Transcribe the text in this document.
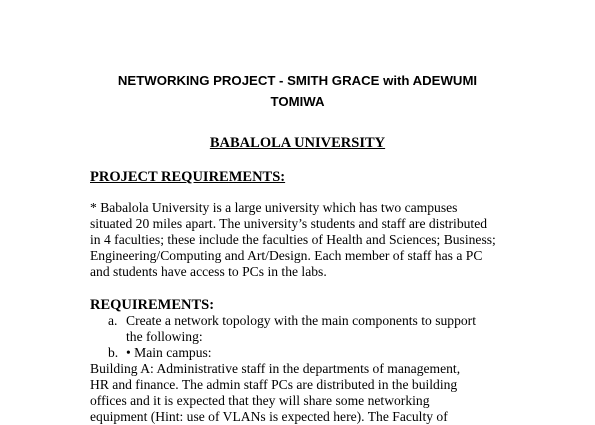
NETWORKING PROJECT - SMITH GRACE with ADEWUMI
TOMIWA
BABALOLA UNIVERSITY
PROJECT REQUIREMENTS:
* Babalola University is a large university which has two campuses
situated 20 miles apart. The university’s students and staff are distributed
in 4 faculties; these include the faculties of Health and Sciences; Business;
Engineering/Computing and Art/Design. Each member of staff has a PC
and students have access to PCs in the labs.
REQUIREMENTS:
a. Create a network topology with the main components to support
the following:
b. • Main campus:
Building A: Administrative staff in the departments of management,
HR and finance. The admin staff PCs are distributed in the building
offices and it is expected that they will share some networking
equipment (Hint: use of VLANs is expected here). The Faculty of
